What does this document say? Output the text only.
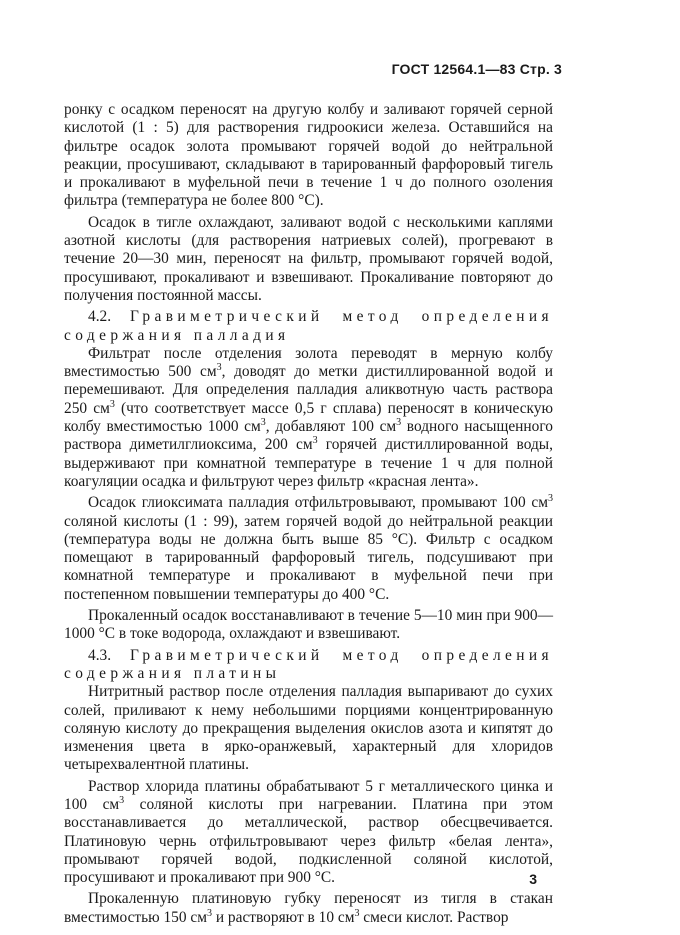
ГОСТ 12564.1—83 Стр. 3

ронку с осадком переносят на другую колбу и заливают горячей серной кислотой (1 : 5) для растворения гидроокиси железа. Оставшийся на фильтре осадок золота промывают горячей водой до нейтральной реакции, просушивают, складывают в тарированный фарфоровый тигель и прокаливают в муфельной печи в течение 1 ч до полного озоления фильтра (температура не более 800 °С).

Осадок в тигле охлаждают, заливают водой с несколькими каплями азотной кислоты (для растворения натриевых солей), прогревают в течение 20—30 мин, переносят на фильтр, промывают горячей водой, просушивают, прокаливают и взвешивают. Прокаливание повторяют до получения постоянной массы.

4.2. Гравиметрический метод определения содержания палладия

Фильтрат после отделения золота переводят в мерную колбу вместимостью 500 $см^3$, доводят до метки дистиллированной водой и перемешивают. Для определения палладия аликвотную часть раствора 250 $см^3$ (что соответствует массе 0,5 г сплава) переносят в коническую колбу вместимостью 1000 $см^3$, добавляют 100 $см^3$ водного насыщенного раствора диметилглиоксима, 200 $см^3$ горячей дистиллированной воды, выдерживают при комнатной температуре в течение 1 ч для полной коагуляции осадка и фильтруют через фильтр «красная лента».

Осадок глиоксимата палладия отфильтровывают, промывают 100 $см^3$ соляной кислоты (1 : 99), затем горячей водой до нейтральной реакции (температура воды не должна быть выше 85 °С). Фильтр с осадком помещают в тарированный фарфоровый тигель, подсушивают при комнатной температуре и прокаливают в муфельной печи при постепенном повышении температуры до 400 °С.

Прокаленный осадок восстанавливают в течение 5—10 мин при 900—1000 °С в токе водорода, охлаждают и взвешивают.

4.3. Гравиметрический метод определения содержания платины

Нитритный раствор после отделения палладия выпаривают до сухих солей, приливают к нему небольшими порциями концентрированную соляную кислоту до прекращения выделения окислов азота и кипятят до изменения цвета в ярко-оранжевый, характерный для хлоридов четырехвалентной платины.

Раствор хлорида платины обрабатывают 5 г металлического цинка и 100 $см^3$ соляной кислоты при нагревании. Платина при этом восстанавливается до металлической, раствор обесцвечивается. Платиновую чернь отфильтровывают через фильтр «белая лента», промывают горячей водой, подкисленной соляной кислотой, просушивают и прокаливают при 900 °С.

Прокаленную платиновую губку переносят из тигля в стакан вместимостью 150 $см^3$ и растворяют в 10 $см^3$ смеси кислот. Раствор

3
